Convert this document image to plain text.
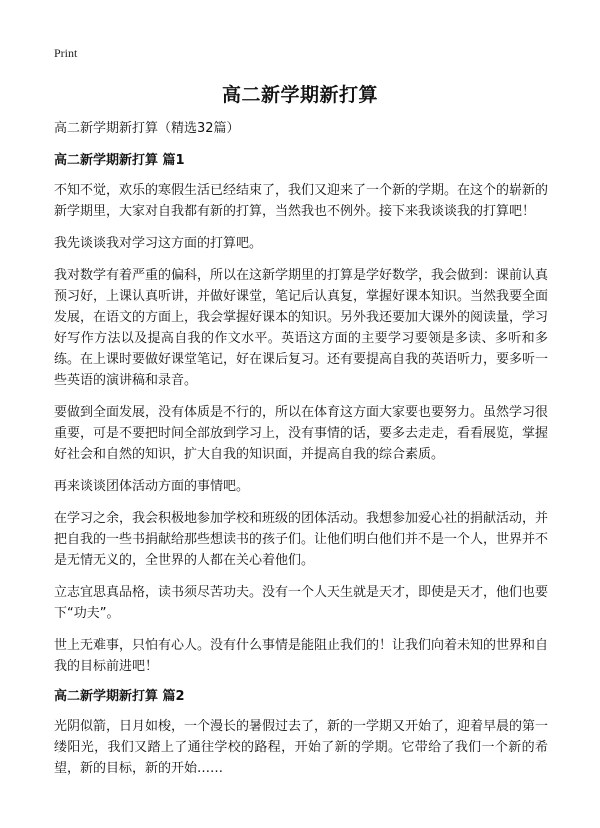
Print
高二新学期新打算
高二新学期新打算（精选32篇）
高二新学期新打算 篇1

不知不觉，欢乐的寒假生活已经结束了，我们又迎来了一个新的学期。在这个的崭新的新学期里，大家对自我都有新的打算，当然我也不例外。接下来我谈谈我的打算吧！

我先谈谈我对学习这方面的打算吧。

我对数学有着严重的偏科，所以在这新学期里的打算是学好数学，我会做到：课前认真预习好，上课认真听讲，并做好课堂，笔记后认真复，掌握好课本知识。当然我要全面发展，在语文的方面上，我会掌握好课本的知识。另外我还要加大课外的阅读量，学习好写作方法以及提高自我的作文水平。英语这方面的主要学习要领是多读、多听和多练。在上课时要做好课堂笔记，好在课后复习。还有要提高自我的英语听力，要多听一些英语的演讲稿和录音。

要做到全面发展，没有体质是不行的，所以在体育这方面大家要也要努力。虽然学习很重要，可是不要把时间全部放到学习上，没有事情的话，要多去走走，看看展览，掌握好社会和自然的知识，扩大自我的知识面，并提高自我的综合素质。

再来谈谈团体活动方面的事情吧。

在学习之余，我会积极地参加学校和班级的团体活动。我想参加爱心社的捐献活动，并把自我的一些书捐献给那些想读书的孩子们。让他们明白他们并不是一个人，世界并不是无情无义的，全世界的人都在关心着他们。

立志宜思真品格，读书须尽苦功夫。没有一个人天生就是天才，即使是天才，他们也要下“功夫”。

世上无难事，只怕有心人。没有什么事情是能阻止我们的！让我们向着未知的世界和自我的目标前进吧！

高二新学期新打算 篇2

光阴似箭，日月如梭，一个漫长的暑假过去了，新的一学期又开始了，迎着早晨的第一缕阳光，我们又踏上了通往学校的路程，开始了新的学期。它带给了我们一个新的希望，新的目标，新的开始……
